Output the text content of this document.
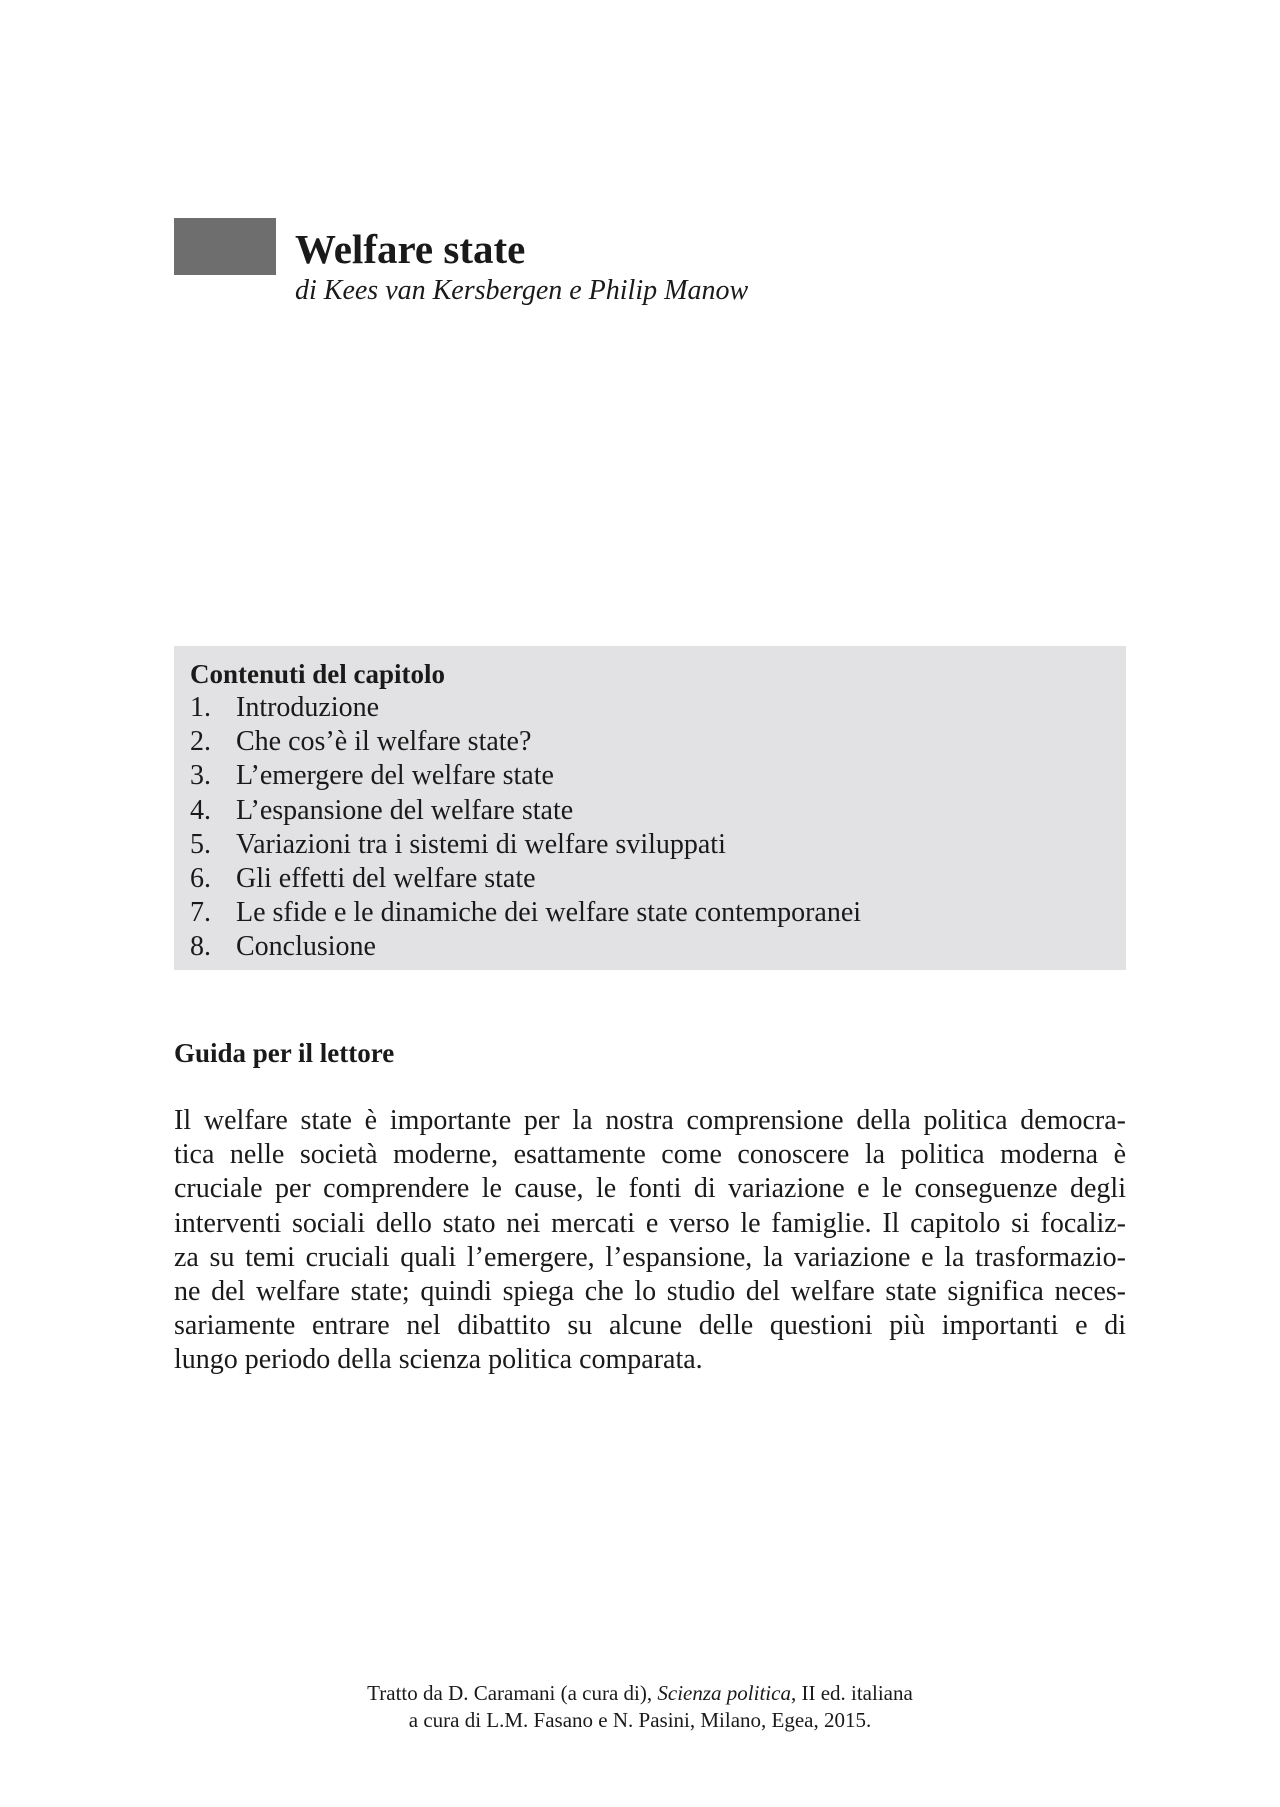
Welfare state

di Kees van Kersbergen e Philip Manow

Contenuti del capitolo
1. Introduzione
2. Che cos’è il welfare state?
3. L’emergere del welfare state
4. L’espansione del welfare state
5. Variazioni tra i sistemi di welfare sviluppati
6. Gli effetti del welfare state
7. Le sfide e le dinamiche dei welfare state contemporanei
8. Conclusione
Guida per il lettore
Il welfare state è importante per la nostra comprensione della politica democra-
tica nelle società moderne, esattamente come conoscere la politica moderna è
cruciale per comprendere le cause, le fonti di variazione e le conseguenze degli
interventi sociali dello stato nei mercati e verso le famiglie. Il capitolo si focaliz-
za su temi cruciali quali l’emergere, l’espansione, la variazione e la trasformazio-
ne del welfare state; quindi spiega che lo studio del welfare state significa neces-
sariamente entrare nel dibattito su alcune delle questioni più importanti e di
lungo periodo della scienza politica comparata.
Tratto da D. Caramani (a cura di), Scienza politica, II ed. italiana
a cura di L.M. Fasano e N. Pasini, Milano, Egea, 2015.
